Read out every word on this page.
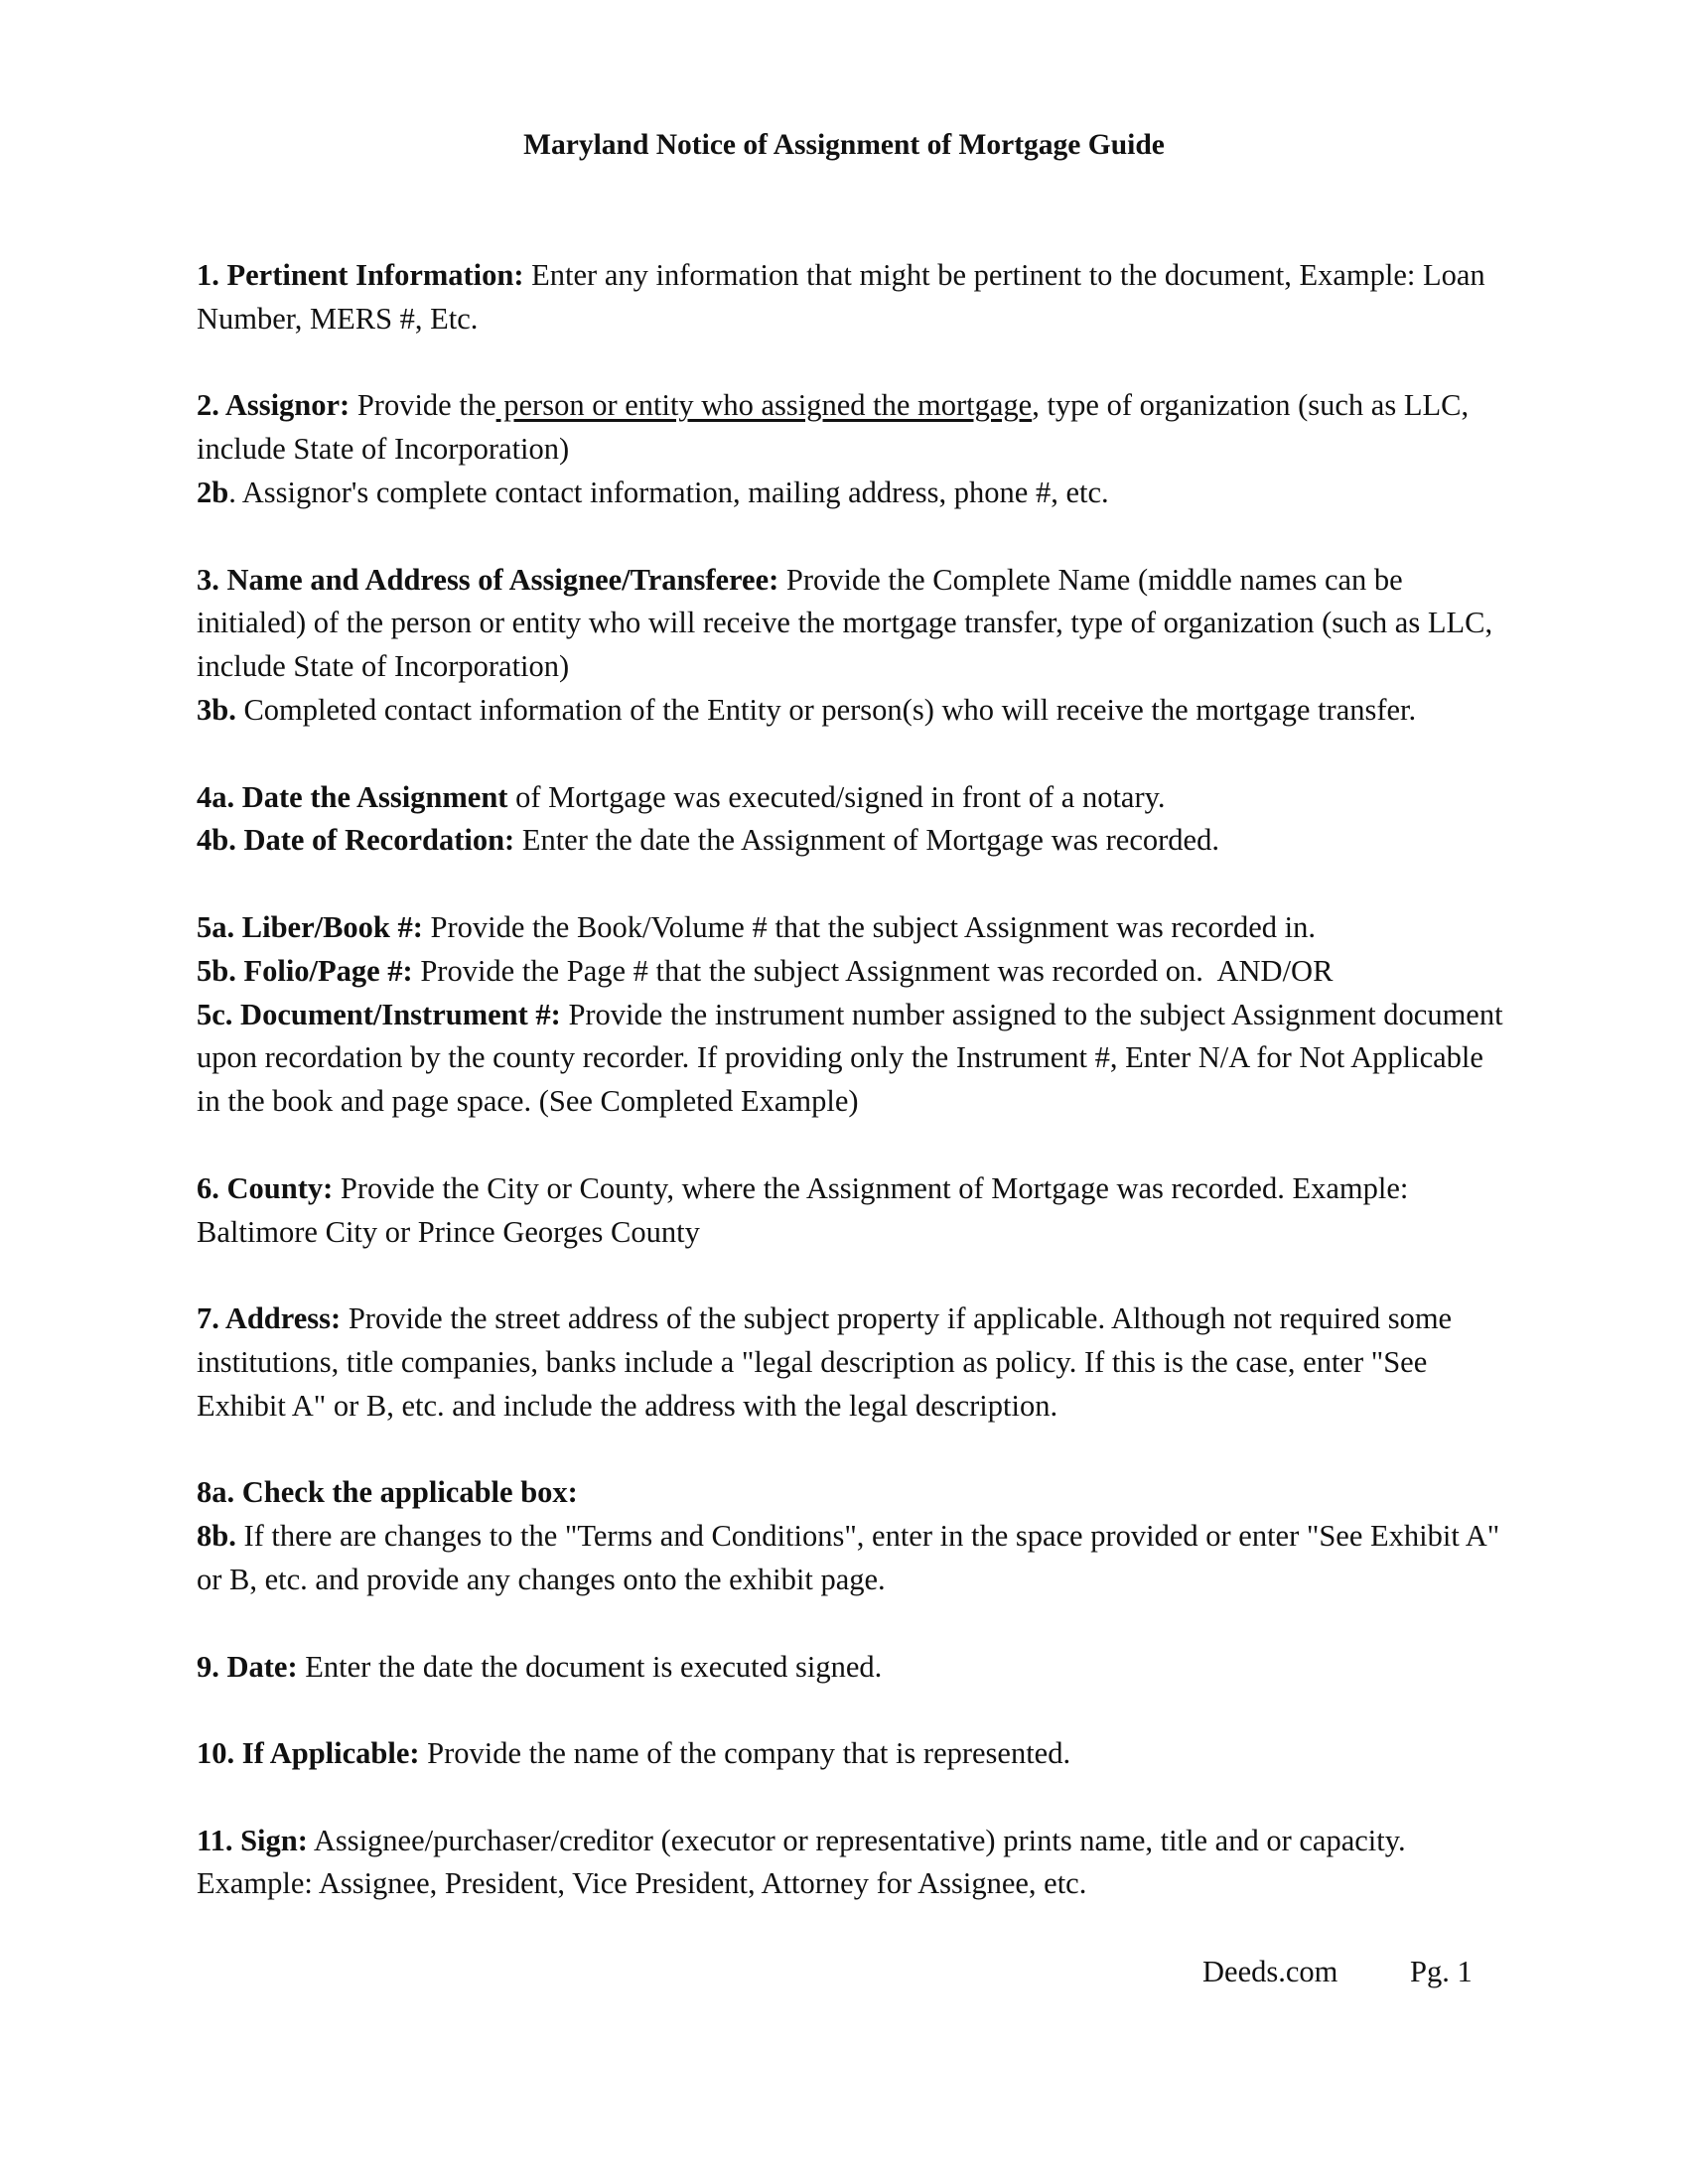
Maryland Notice of Assignment of Mortgage Guide

1. Pertinent Information: Enter any information that might be pertinent to the document, Example: Loan Number, MERS #, Etc.

2. Assignor: Provide the person or entity who assigned the mortgage, type of organization (such as LLC, include State of Incorporation)

2b. Assignor's complete contact information, mailing address, phone #, etc.

3. Name and Address of Assignee/Transferee: Provide the Complete Name (middle names can be initialed) of the person or entity who will receive the mortgage transfer, type of organization (such as LLC, include State of Incorporation)

3b. Completed contact information of the Entity or person(s) who will receive the mortgage transfer.

4a. Date the Assignment of Mortgage was executed/signed in front of a notary.

4b. Date of Recordation: Enter the date the Assignment of Mortgage was recorded.

5a. Liber/Book #: Provide the Book/Volume # that the subject Assignment was recorded in.

5b. Folio/Page #: Provide the Page # that the subject Assignment was recorded on.  AND/OR

5c. Document/Instrument #: Provide the instrument number assigned to the subject Assignment document upon recordation by the county recorder. If providing only the Instrument #, Enter N/A for Not Applicable in the book and page space. (See Completed Example)

6. County: Provide the City or County, where the Assignment of Mortgage was recorded. Example: Baltimore City or Prince Georges County

7. Address: Provide the street address of the subject property if applicable. Although not required some institutions, title companies, banks include a "legal description as policy. If this is the case, enter "See Exhibit A" or B, etc. and include the address with the legal description.

8a. Check the applicable box:

8b. If there are changes to the "Terms and Conditions", enter in the space provided or enter "See Exhibit A" or B, etc. and provide any changes onto the exhibit page.

9. Date: Enter the date the document is executed signed.

10. If Applicable: Provide the name of the company that is represented.

11. Sign: Assignee/purchaser/creditor (executor or representative) prints name, title and or capacity. Example: Assignee, President, Vice President, Attorney for Assignee, etc.

Deeds.com Pg. 1
